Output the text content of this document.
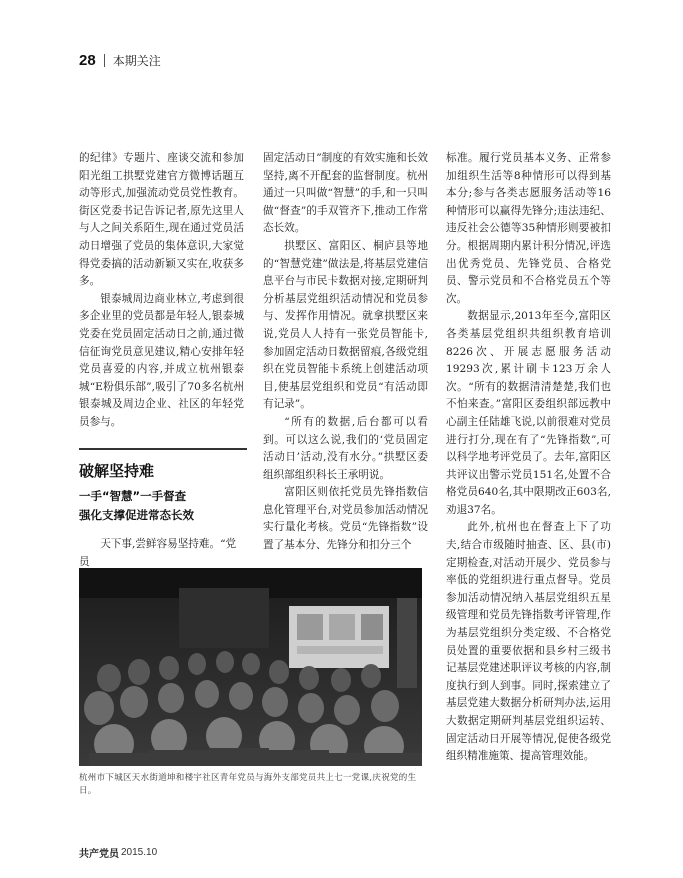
28 本期关注

的纪律》专题片、座谈交流和参加阳光组工拱墅党建官方微博话题互动等形式,加强流动党员党性教育。街区党委书记告诉记者,原先这里人与人之间关系陌生,现在通过党员活动日增强了党员的集体意识,大家觉得党委搞的活动新颖又实在,收获多多。

银泰城周边商业林立,考虑到很多企业里的党员都是年轻人,银泰城党委在党员固定活动日之前,通过微信征询党员意见建议,精心安排年轻党员喜爱的内容,并成立杭州银泰城“E粉俱乐部”,吸引了70多名杭州银泰城及周边企业、社区的年轻党员参与。

破解坚持难
一手“智慧”一手督查
强化支撑促进常态长效

天下事,尝鲜容易坚持难。“党员

固定活动日”制度的有效实施和长效坚持,离不开配套的监督制度。杭州通过一只叫做“智慧”的手,和一只叫做“督查”的手双管齐下,推动工作常态长效。

拱墅区、富阳区、桐庐县等地的“智慧党建”做法是,将基层党建信息平台与市民卡数据对接,定期研判分析基层党组织活动情况和党员参与、发挥作用情况。就拿拱墅区来说,党员人人持有一张党员智能卡,参加固定活动日数据留痕,各级党组织在党员智能卡系统上创建活动项目,使基层党组织和党员“有活动即有记录”。

“所有的数据,后台都可以看到。可以这么说,我们的‘党员固定活动日’活动,没有水分。”拱墅区委组织部组织科长王承明说。

富阳区则依托党员先锋指数信息化管理平台,对党员参加活动情况实行量化考核。党员“先锋指数”设置了基本分、先锋分和扣分三个

标准。履行党员基本义务、正常参加组织生活等8种情形可以得到基本分;参与各类志愿服务活动等16种情形可以赢得先锋分;违法违纪、违反社会公德等35种情形则要被扣分。根据周期内累计积分情况,评选出优秀党员、先锋党员、合格党员、警示党员和不合格党员五个等次。

数据显示,2013年至今,富阳区各类基层党组织共组织教育培训8226次、开展志愿服务活动19293次,累计刷卡123万余人次。“所有的数据清清楚楚,我们也不怕来查。”富阳区委组织部远教中心副主任陆雄飞说,以前很难对党员进行打分,现在有了“先锋指数”,可以科学地考评党员了。去年,富阳区共评议出警示党员151名,处置不合格党员640名,其中限期改正603名,劝退37名。

此外,杭州也在督查上下了功夫,结合市级随时抽查、区、县(市)定期检查,对活动开展少、党员参与率低的党组织进行重点督导。党员参加活动情况纳入基层党组织五星级管理和党员先锋指数考评管理,作为基层党组织分类定级、不合格党员处置的重要依据和县乡村三级书记基层党建述职评议考核的内容,制度执行到人到事。同时,探索建立了基层党建大数据分析研判办法,运用大数据定期研判基层党组织运转、固定活动日开展等情况,促使各级党组织精准施策、提高管理效能。

杭州市下城区天水街道坤和楼宇社区青年党员与海外支部党员共上七一党课,庆祝党的生日。
共产党员 2015.10
